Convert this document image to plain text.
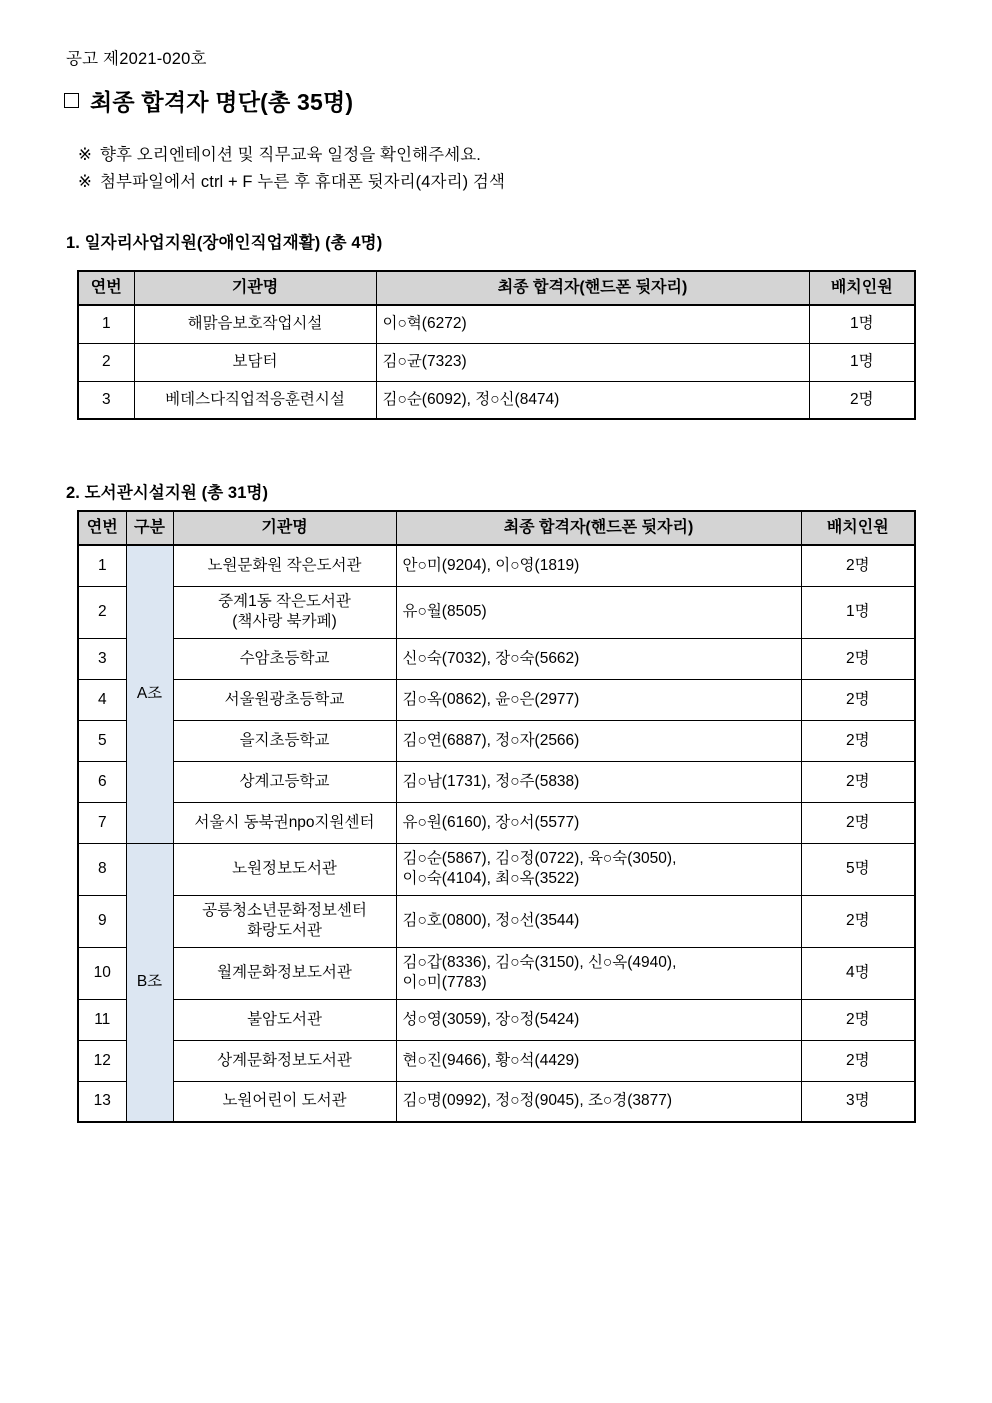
공고 제2021-020호
최종 합격자 명단(총 35명)
※ 향후 오리엔테이션 및 직무교육 일정을 확인해주세요.
※ 첨부파일에서 ctrl + F 누른 후 휴대폰 뒷자리(4자리) 검색
1. 일자리사업지원(장애인직업재활) (총 4명)
연번	기관명	최종 합격자(핸드폰 뒷자리)	배치인원
1	해맑음보호작업시설	이○혁(6272)	1명
2	보담터	김○균(7323)	1명
3	베데스다직업적응훈련시설	김○순(6092), 정○신(8474)	2명
2. 도서관시설지원 (총 31명)
연번	구분	기관명	최종 합격자(핸드폰 뒷자리)	배치인원
1	A조	노원문화원 작은도서관	안○미(9204), 이○영(1819)	2명
2		중계1동 작은도서관
(책사랑 북카페)	유○월(8505)	1명
3		수암초등학교	신○숙(7032), 장○숙(5662)	2명
4		서울원광초등학교	김○옥(0862), 윤○은(2977)	2명
5		을지초등학교	김○연(6887), 정○자(2566)	2명
6		상계고등학교	김○남(1731), 정○주(5838)	2명
7		서울시 동북권npo지원센터	유○원(6160), 장○서(5577)	2명
8	B조	노원정보도서관	김○순(5867), 김○정(0722), 육○숙(3050),
이○숙(4104), 최○옥(3522)	5명
9		공릉청소년문화정보센터
화랑도서관	김○호(0800), 정○선(3544)	2명
10		월계문화정보도서관	김○갑(8336), 김○숙(3150), 신○옥(4940),
이○미(7783)	4명
11		불암도서관	성○영(3059), 장○정(5424)	2명
12		상계문화정보도서관	현○진(9466), 황○석(4429)	2명
13		노원어린이 도서관	김○명(0992), 정○정(9045), 조○경(3877)	3명
